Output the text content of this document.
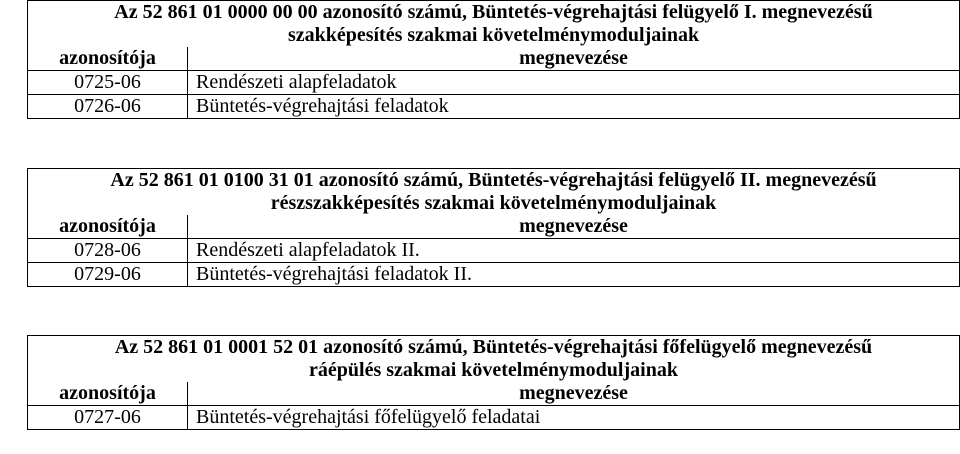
Az 52 861 01 0000 00 00 azonosító számú, Büntetés-végrehajtási felügyelő I. megnevezésű	
szakképesítés szakmai követelménymoduljainak	
azonosítója	megnevezése
0725-06	Rendészeti alapfeladatok
0726-06	Büntetés-végrehajtási feladatok
Az 52 861 01 0100 31 01 azonosító számú, Büntetés-végrehajtási felügyelő II. megnevezésű	
részszakképesítés szakmai követelménymoduljainak	
azonosítója	megnevezése
0728-06	Rendészeti alapfeladatok II.
0729-06	Büntetés-végrehajtási feladatok II.
Az 52 861 01 0001 52 01 azonosító számú, Büntetés-végrehajtási főfelügyelő megnevezésű	
ráépülés szakmai követelménymoduljainak	
azonosítója	megnevezése
0727-06	Büntetés-végrehajtási főfelügyelő feladatai
